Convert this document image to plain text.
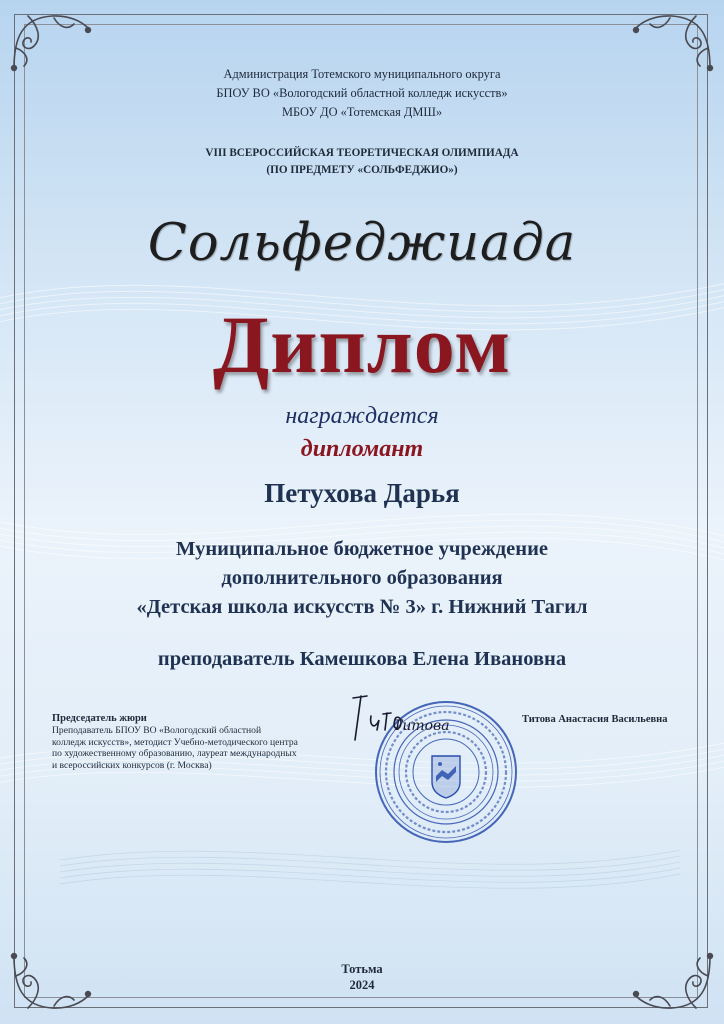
Администрация Тотемского муниципального округа
БПОУ ВО «Вологодский областной колледж искусств»
МБОУ ДО «Тотемская ДМШ»
VIII ВСЕРОССИЙСКАЯ ТЕОРЕТИЧЕСКАЯ ОЛИМПИАДА
(ПО ПРЕДМЕТУ «СОЛЬФЕДЖИО»)
Сольфеджиада
Диплом
награждается
дипломант
Петухова Дарья
Муниципальное бюджетное учреждение
дополнительного образования
«Детская школа искусств № 3» г. Нижний Тагил
преподаватель Камешкова Елена Ивановна
Председатель жюри
Преподаватель БПОУ ВО «Вологодский областной
колледж искусств», методист Учебно-методического центра
по художественному образованию, лауреат международных
и всероссийских конкурсов (г. Москва)
Титова	Титова Анастасия Васильевна
Тотьма
2024
